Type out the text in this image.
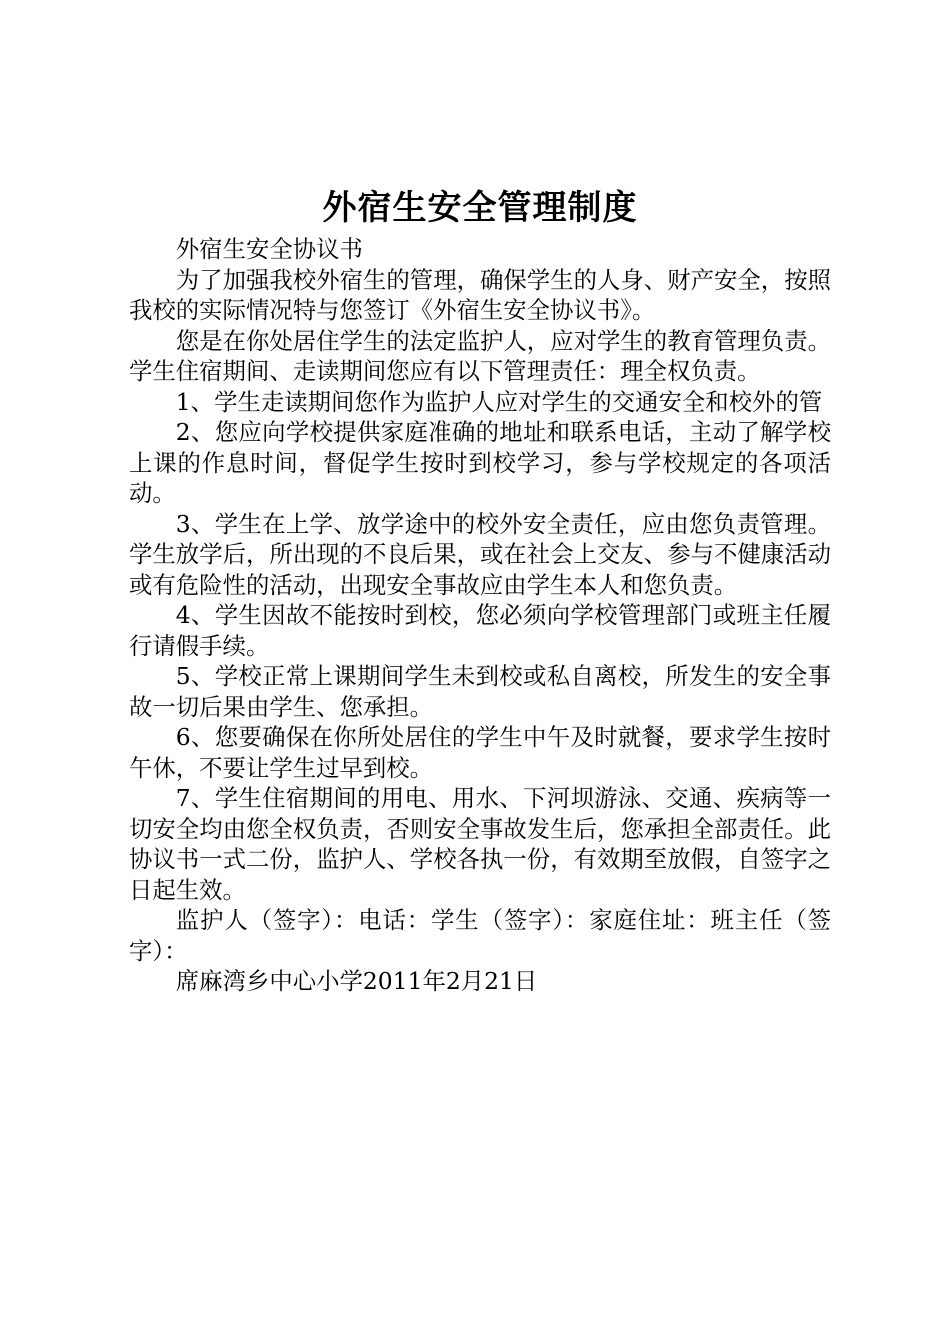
外宿生安全管理制度

外宿生安全协议书

为了加强我校外宿生的管理，确保学生的人身、财产安全，按照我校的实际情况特与您签订《外宿生安全协议书》。

您是在你处居住学生的法定监护人，应对学生的教育管理负责。学生住宿期间、走读期间您应有以下管理责任：理全权负责。

1、学生走读期间您作为监护人应对学生的交通安全和校外的管

2、您应向学校提供家庭准确的地址和联系电话，主动了解学校上课的作息时间，督促学生按时到校学习，参与学校规定的各项活动。

3、学生在上学、放学途中的校外安全责任，应由您负责管理。学生放学后，所出现的不良后果，或在社会上交友、参与不健康活动或有危险性的活动，出现安全事故应由学生本人和您负责。

4、学生因故不能按时到校，您必须向学校管理部门或班主任履行请假手续。

5、学校正常上课期间学生未到校或私自离校，所发生的安全事故一切后果由学生、您承担。

6、您要确保在你所处居住的学生中午及时就餐，要求学生按时午休，不要让学生过早到校。

7、学生住宿期间的用电、用水、下河坝游泳、交通、疾病等一切安全均由您全权负责，否则安全事故发生后，您承担全部责任。此协议书一式二份，监护人、学校各执一份，有效期至放假，自签字之日起生效。

监护人（签字）：电话：学生（签字）：家庭住址：班主任（签字）：

席麻湾乡中心小学2011年2月21日
